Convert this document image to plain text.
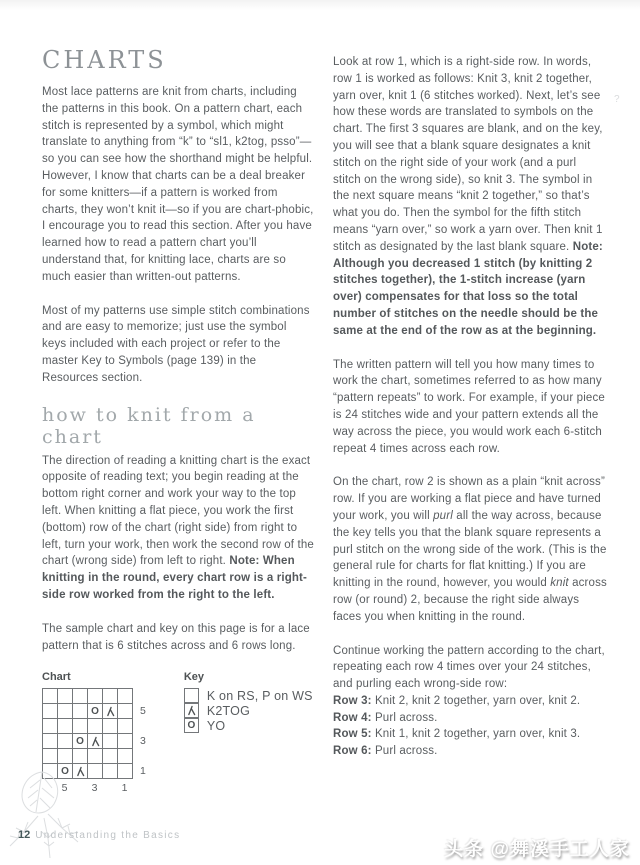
CHARTS

Most lace patterns are knit from charts, including the patterns in this book. On a pattern chart, each stitch is represented by a symbol, which might translate to anything from “k” to “sl1, k2tog, psso”—so you can see how the shorthand might be helpful. However, I know that charts can be a deal breaker for some knitters—if a pattern is worked from charts, they won’t knit it—so if you are chart-phobic, I encourage you to read this section. After you have learned how to read a pattern chart you’ll understand that, for knitting lace, charts are so much easier than written-out patterns.

Most of my patterns use simple stitch combinations and are easy to memorize; just use the symbol keys included with each project or refer to the master Key to Symbols (page 139) in the Resources section.

how to knit from a chart

The direction of reading a knitting chart is the exact opposite of reading text; you begin reading at the bottom right corner and work your way to the top left. When knitting a flat piece, you work the first (bottom) row of the chart (right side) from right to left, turn your work, then work the second row of the chart (wrong side) from left to right. Note: When knitting in the round, every chart row is a right-side row worked from the right to the left.

The sample chart and key on this page is for a lace pattern that is 6 stitches across and 6 rows long.

Chart
O
O
O
5
3
1
5	3	1
Key
K on RS, P on WS
K2TOG
O YO

Look at row 1, which is a right-side row. In words, row 1 is worked as follows: Knit 3, knit 2 together, yarn over, knit 1 (6 stitches worked). Next, let’s see how these words are translated to symbols on the chart. The first 3 squares are blank, and on the key, you will see that a blank square designates a knit stitch on the right side of your work (and a purl stitch on the wrong side), so knit 3. The symbol in the next square means “knit 2 together,” so that’s what you do. Then the symbol for the fifth stitch means “yarn over,” so work a yarn over. Then knit 1 stitch as designated by the last blank square. Note: Although you decreased 1 stitch (by knitting 2 stitches together), the 1-stitch increase (yarn over) compensates for that loss so the total number of stitches on the needle should be the same at the end of the row as at the beginning.

The written pattern will tell you how many times to work the chart, sometimes referred to as how many “pattern repeats” to work. For example, if your piece is 24 stitches wide and your pattern extends all the way across the piece, you would work each 6-stitch repeat 4 times across each row.

On the chart, row 2 is shown as a plain “knit across” row. If you are working a flat piece and have turned your work, you will purl all the way across, because the key tells you that the blank square represents a purl stitch on the wrong side of the work. (This is the general rule for charts for flat knitting.) If you are knitting in the round, however, you would knit across row (or round) 2, because the right side always faces you when knitting in the round.

Continue working the pattern according to the chart, repeating each row 4 times over your 24 stitches, and purling each wrong-side row:

Row 3: Knit 2, knit 2 together, yarn over, knit 2.
Row 4: Purl across.
Row 5: Knit 1, knit 2 together, yarn over, knit 3.
Row 6: Purl across.
12 Understanding the Basics
?
头条 @舞溪手工人家
